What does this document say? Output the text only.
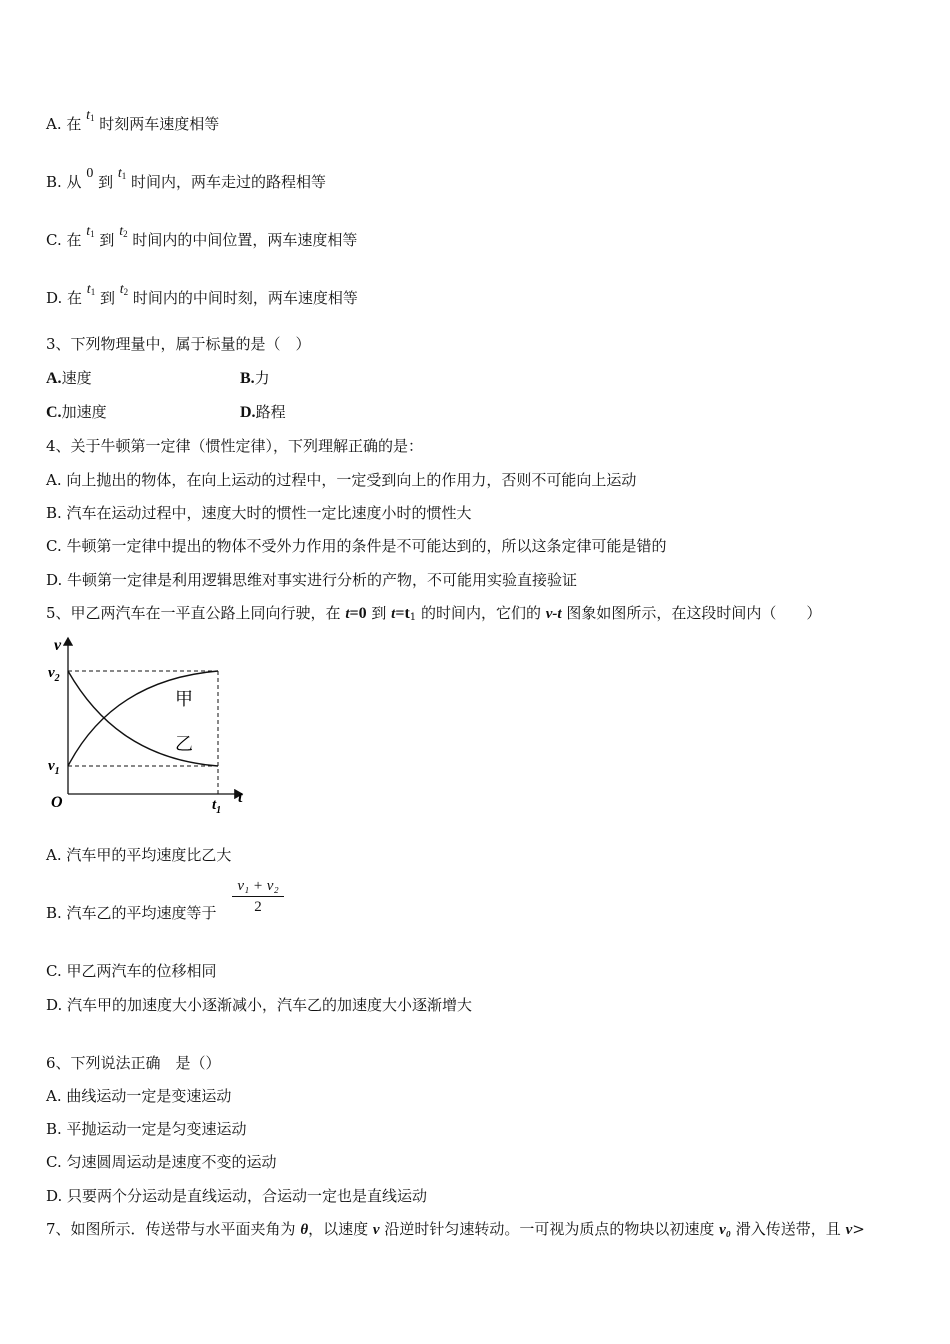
A. 在 t1 时刻两车速度相等
B. 从 0 到 t1 时间内，两车走过的路程相等
C. 在 t1 到 t2 时间内的中间位置，两车速度相等
D. 在 t1 到 t2 时间内的中间时刻，两车速度相等
3、下列物理量中，属于标量的是（　）
A.速度	B.力
C.加速度	D.路程
4、关于牛顿第一定律（惯性定律），下列理解正确的是：
A. 向上抛出的物体，在向上运动的过程中，一定受到向上的作用力，否则不可能向上运动
B. 汽车在运动过程中，速度大时的惯性一定比速度小时的惯性大
C. 牛顿第一定律中提出的物体不受外力作用的条件是不可能达到的，所以这条定律可能是错的
D. 牛顿第一定律是利用逻辑思维对事实进行分析的产物，不可能用实验直接验证
5、甲乙两汽车在一平直公路上同向行驶，在 t=0 到 t=t1 的时间内，它们的 v-t 图象如图所示，在这段时间内（　　）
v
t
O
$v_2$
$v_1$
$t_1$
甲
乙
A. 汽车甲的平均速度比乙大
B. 汽车乙的平均速度等于 $\frac{\text{v₁ + v₂}}{2}$
C. 甲乙两汽车的位移相同
D. 汽车甲的加速度大小逐渐减小，汽车乙的加速度大小逐渐增大
6、下列说法正确　是（）
A. 曲线运动一定是变速运动
B. 平抛运动一定是匀变速运动
C. 匀速圆周运动是速度不变的运动
D. 只要两个分运动是直线运动，合运动一定也是直线运动
7、如图所示．传送带与水平面夹角为 θ，以速度 v 沿逆时针匀速转动。一可视为质点的物块以初速度 v₀ 滑入传送带，且 v>
